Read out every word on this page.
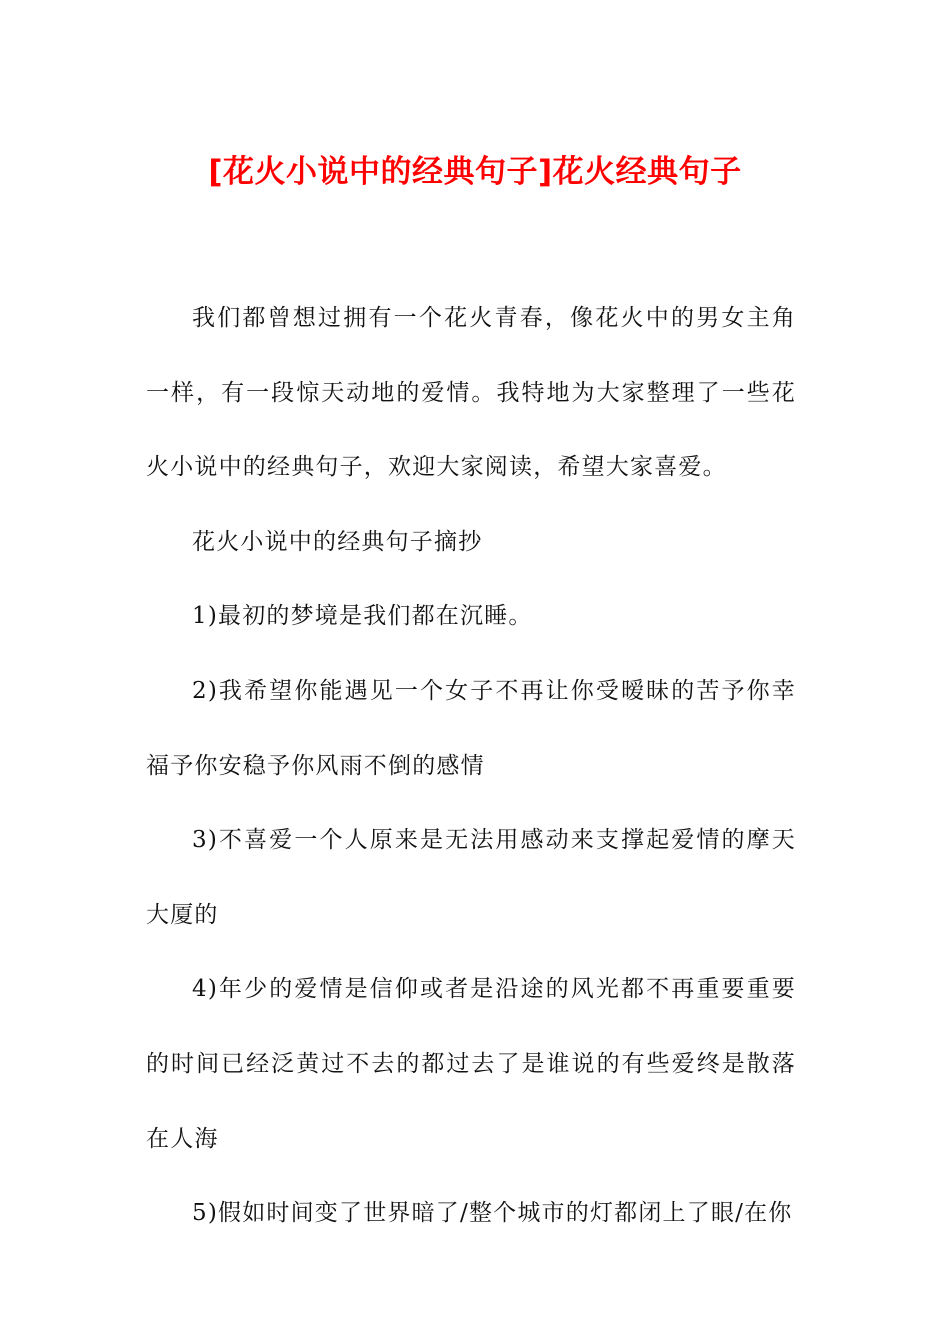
[花火小说中的经典句子]花火经典句子

我们都曾想过拥有一个花火青春，像花火中的男女主角一样，有一段惊天动地的爱情。我特地为大家整理了一些花火小说中的经典句子，欢迎大家阅读，希望大家喜爱。

花火小说中的经典句子摘抄

1)最初的梦境是我们都在沉睡。

2)我希望你能遇见一个女子不再让你受暧昧的苦予你幸福予你安稳予你风雨不倒的感情

3)不喜爱一个人原来是无法用感动来支撑起爱情的摩天大厦的

4)年少的爱情是信仰或者是沿途的风光都不再重要重要的时间已经泛黄过不去的都过去了是谁说的有些爱终是散落在人海

5)假如时间变了世界暗了/整个城市的灯都闭上了眼/在你
